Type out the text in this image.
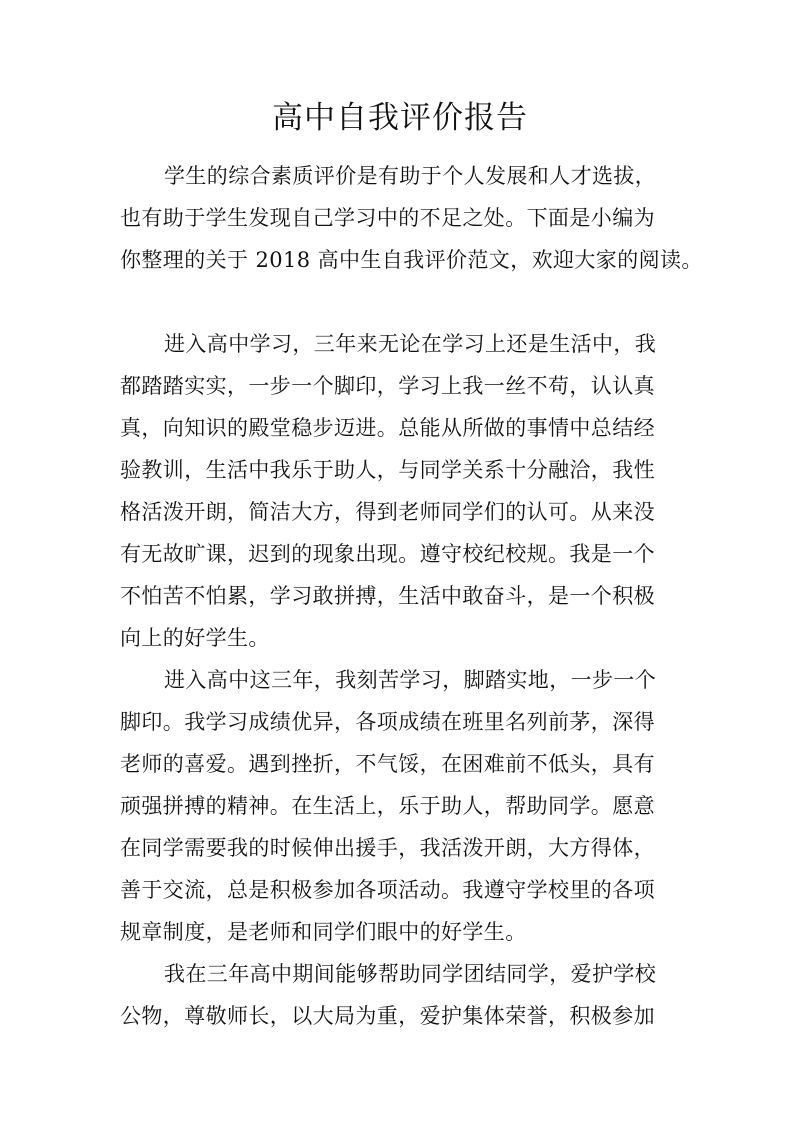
高中自我评价报告
学生的综合素质评价是有助于个人发展和人才选拔，
也有助于学生发现自己学习中的不足之处。下面是小编为
你整理的关于 2018 高中生自我评价范文，欢迎大家的阅读。
进入高中学习，三年来无论在学习上还是生活中，我
都踏踏实实，一步一个脚印，学习上我一丝不苟，认认真
真，向知识的殿堂稳步迈进。总能从所做的事情中总结经
验教训，生活中我乐于助人，与同学关系十分融洽，我性
格活泼开朗，简洁大方，得到老师同学们的认可。从来没
有无故旷课，迟到的现象出现。遵守校纪校规。我是一个
不怕苦不怕累，学习敢拼搏，生活中敢奋斗，是一个积极
向上的好学生。
进入高中这三年，我刻苦学习，脚踏实地，一步一个
脚印。我学习成绩优异，各项成绩在班里名列前茅，深得
老师的喜爱。遇到挫折，不气馁，在困难前不低头，具有
顽强拼搏的精神。在生活上，乐于助人，帮助同学。愿意
在同学需要我的时候伸出援手，我活泼开朗，大方得体，
善于交流，总是积极参加各项活动。我遵守学校里的各项
规章制度，是老师和同学们眼中的好学生。
我在三年高中期间能够帮助同学团结同学，爱护学校
公物，尊敬师长，以大局为重，爱护集体荣誉，积极参加
